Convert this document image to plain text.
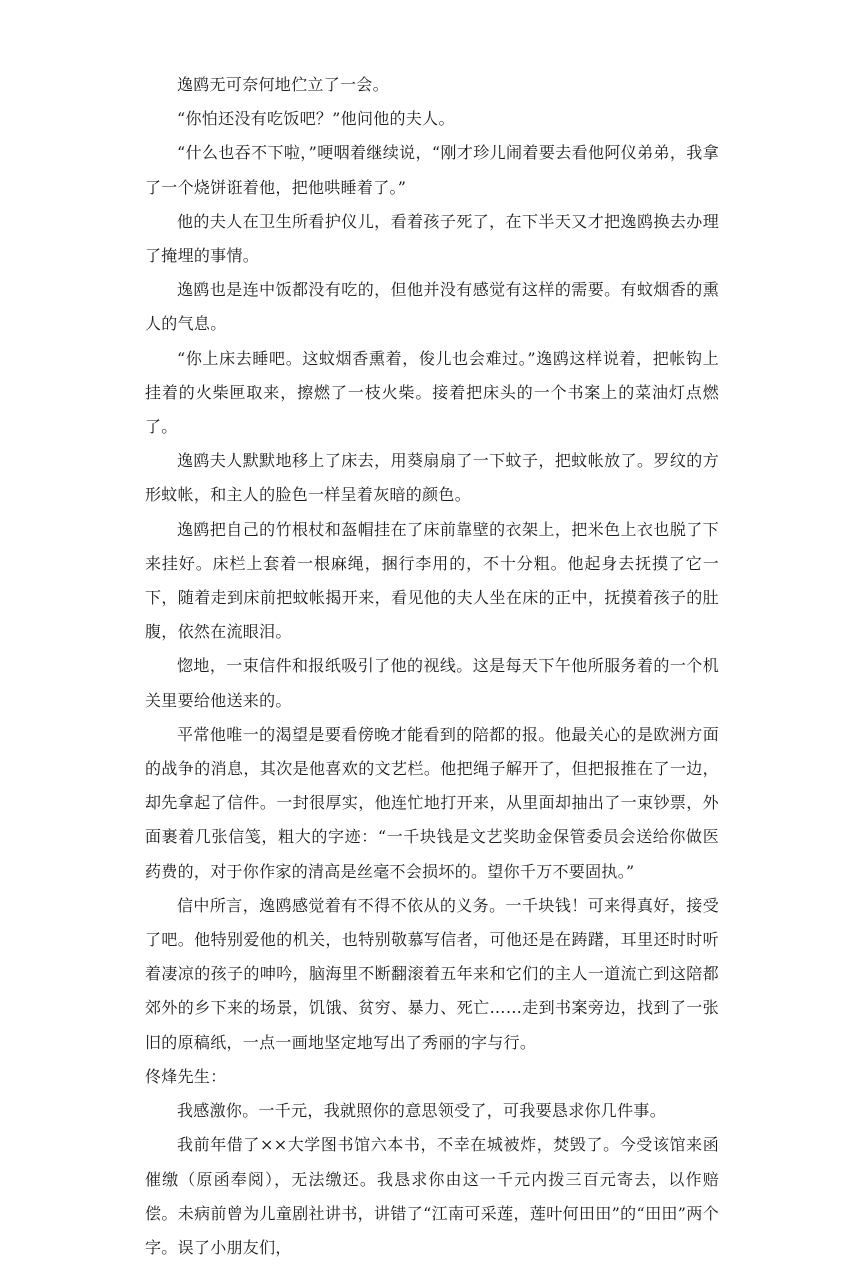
逸鸥无可奈何地伫立了一会。

“你怕还没有吃饭吧？”他问他的夫人。

“什么也吞不下啦，”哽咽着继续说，“刚才珍儿闹着要去看他阿仪弟弟，我拿了一个烧饼诳着他，把他哄睡着了。”

他的夫人在卫生所看护仪儿，看着孩子死了，在下半天又才把逸鸥换去办理了掩埋的事情。

逸鸥也是连中饭都没有吃的，但他并没有感觉有这样的需要。有蚊烟香的熏人的气息。

“你上床去睡吧。这蚊烟香熏着，俊儿也会难过。”逸鸥这样说着，把帐钩上挂着的火柴匣取来，擦燃了一枝火柴。接着把床头的一个书案上的菜油灯点燃了。

逸鸥夫人默默地移上了床去，用葵扇扇了一下蚊子，把蚊帐放了。罗纹的方形蚊帐，和主人的脸色一样呈着灰暗的颜色。

逸鸥把自己的竹根杖和盔帽挂在了床前靠壁的衣架上，把米色上衣也脱了下来挂好。床栏上套着一根麻绳，捆行李用的，不十分粗。他起身去抚摸了它一下，随着走到床前把蚊帐揭开来，看见他的夫人坐在床的正中，抚摸着孩子的肚腹，依然在流眼泪。

惚地，一束信件和报纸吸引了他的视线。这是每天下午他所服务着的一个机关里要给他送来的。

平常他唯一的渴望是要看傍晚才能看到的陪都的报。他最关心的是欧洲方面的战争的消息，其次是他喜欢的文艺栏。他把绳子解开了，但把报推在了一边，却先拿起了信件。一封很厚实，他连忙地打开来，从里面却抽出了一束钞票，外面裹着几张信笺，粗大的字迹：“一千块钱是文艺奖助金保管委员会送给你做医药费的，对于你作家的清高是丝毫不会损坏的。望你千万不要固执。”

信中所言，逸鸥感觉着有不得不依从的义务。一千块钱！可来得真好，接受了吧。他特别爱他的机关，也特别敬慕写信者，可他还是在踌躇，耳里还时时听着凄凉的孩子的呻吟，脑海里不断翻滚着五年来和它们的主人一道流亡到这陪都郊外的乡下来的场景，饥饿、贫穷、暴力、死亡……走到书案旁边，找到了一张旧的原稿纸，一点一画地坚定地写出了秀丽的字与行。

佟烽先生：

我感激你。一千元，我就照你的意思领受了，可我要恳求你几件事。

我前年借了××大学图书馆六本书，不幸在城被炸，焚毁了。今受该馆来函催缴（原函奉阅），无法缴还。我恳求你由这一千元内拨三百元寄去，以作赔偿。未病前曾为儿童剧社讲书，讲错了“江南可采莲，莲叶何田田”的“田田”两个字。误了小朋友们，
